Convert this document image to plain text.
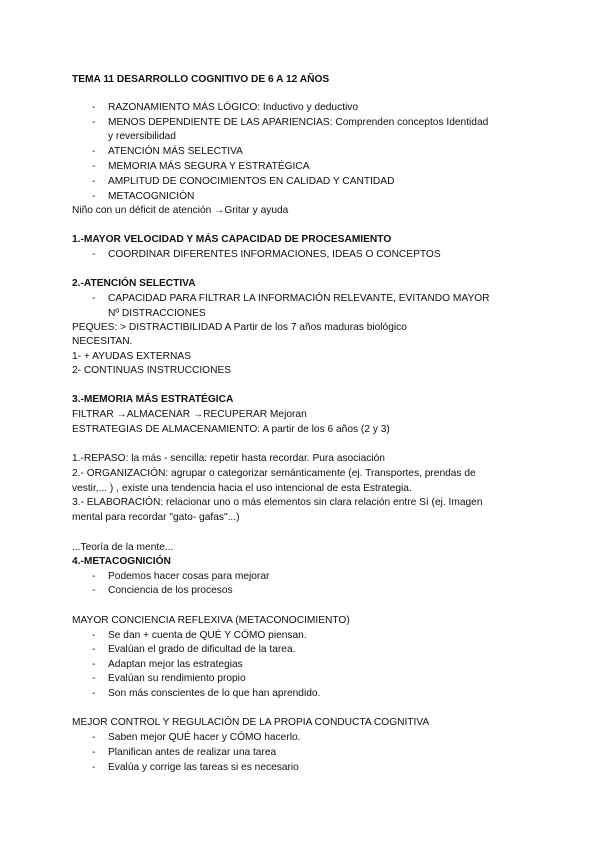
TEMA 11 DESARROLLO COGNITIVO DE 6 A 12 AÑOS
- RAZONAMIENTO MÁS LÓGICO: Inductivo y deductivo
- MENOS DEPENDIENTE DE LAS APARIENCIAS: Comprenden conceptos Identidad
y reversibilidad
- ATENCIÓN MÁS SELECTIVA
- MEMORIA MÁS SEGURA Y ESTRATÉGICA
- AMPLITUD DE CONOCIMIENTOS EN CALIDAD Y CANTIDAD
- METACOGNICIÓN
Niño con un déficit de atención →Gritar y ayuda
1.-MAYOR VELOCIDAD Y MÁS CAPACIDAD DE PROCESAMIENTO
- COORDINAR DIFERENTES INFORMACIONES, IDEAS O CONCEPTOS
2.-ATENCIÓN SELECTIVA
- CAPACIDAD PARA FILTRAR LA INFORMACIÓN RELEVANTE, EVITANDO MAYOR
Nº DISTRACCIONES
PEQUES: > DISTRACTIBILIDAD A Partir de los 7 años maduras biológico
NECESITAN.
1- + AYUDAS EXTERNAS
2- CONTINUAS INSTRUCCIONES
3.-MEMORIA MÁS ESTRATÉGICA
FILTRAR →ALMACENAR →RECUPERAR Mejoran
ESTRATEGIAS DE ALMACENAMIENTO: A partir de los 6 años (2 y 3)
1.-REPASO: la más - sencilla: repetir hasta recordar. Pura asociación
2.- ORGANIZACIÓN: agrupar o categorizar semánticamente (ej. Transportes, prendas de
vestir,... ) , existe una tendencia hacia el uso intencional de esta Estrategia.
3.- ELABORACIÓN: relacionar uno o más elementos sin clara relación entre Sí (ej. Imagen
mental para recordar "gato- gafas"...)
...Teoría de la mente...
4.-METACOGNICIÓN
- Podemos hacer cosas para mejorar
- Conciencia de los procesos
MAYOR CONCIENCIA REFLEXIVA (METACONOCIMIENTO)
- Se dan + cuenta de QUÉ Y CÓMO piensan.
- Evalúan el grado de dificultad de la tarea.
- Adaptan mejor las estrategias
- Evalúan su rendimiento propio
- Son más conscientes de lo que han aprendido.
MEJOR CONTROL Y REGULACIÓN DE LA PROPIA CONDUCTA COGNITIVA
- Saben mejor QUÉ hacer y CÓMO hacerlo.
- Planifican antes de realizar una tarea
- Evalúa y corrige las tareas si es necesario
